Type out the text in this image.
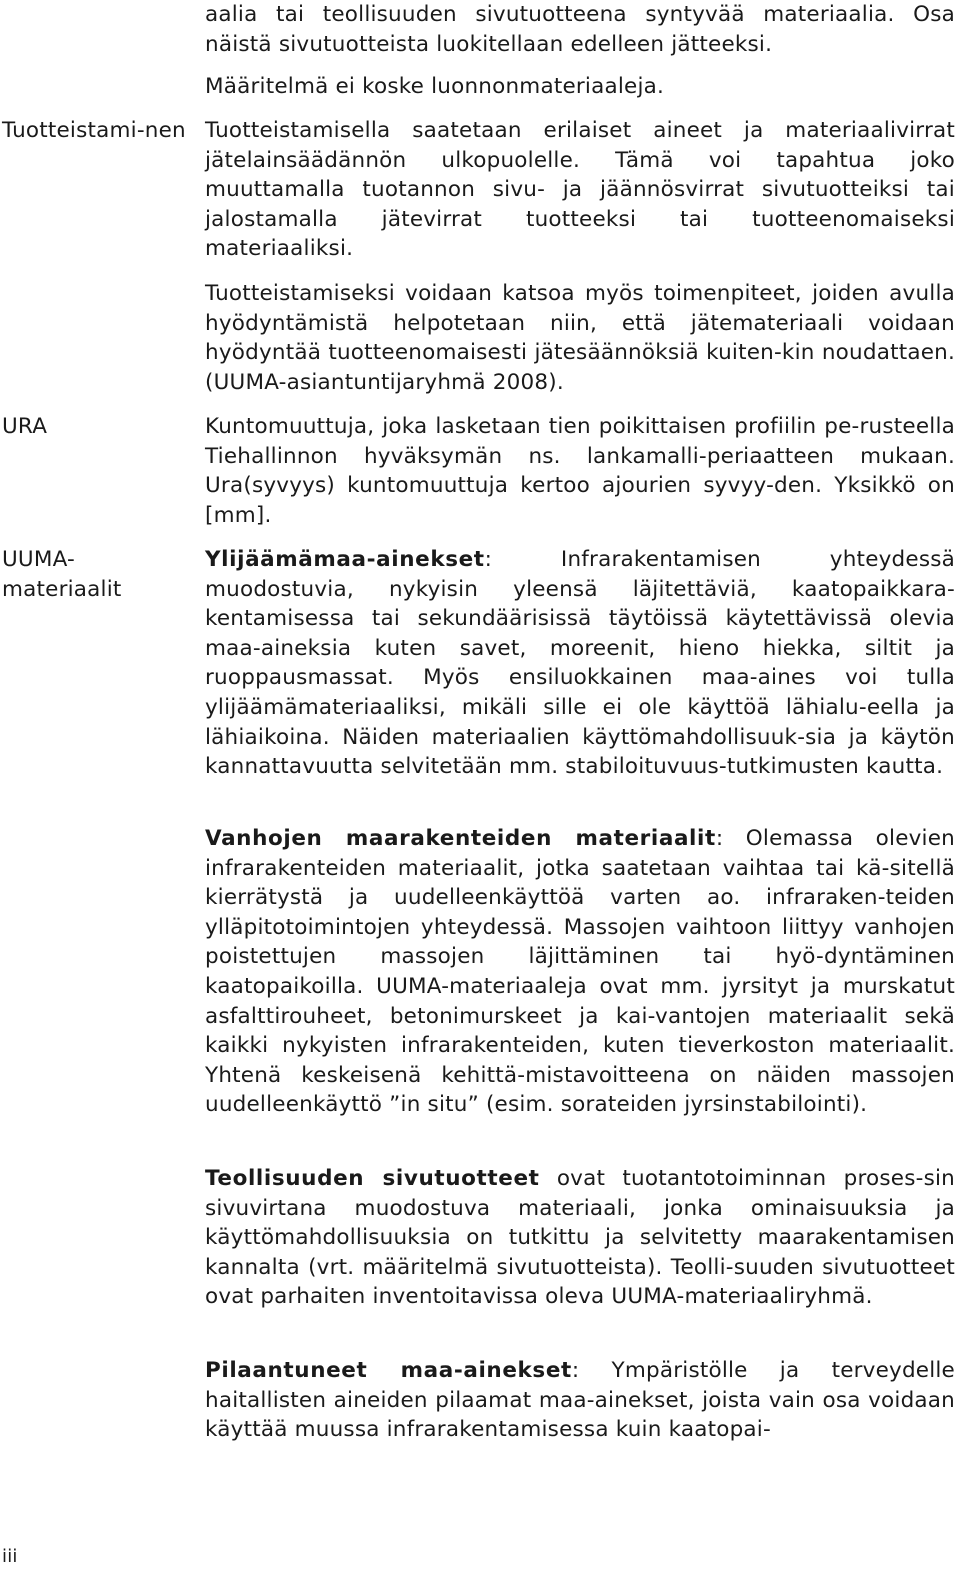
aalia tai teollisuuden sivutuotteena syntyvää materiaalia. Osa näistä sivutuotteista luokitellaan edelleen jätteeksi.

Määritelmä ei koske luonnonmateriaaleja.

Tuotteistami-nen Tuotteistamisella saatetaan erilaiset aineet ja materiaalivirrat jätelainsäädännön ulkopuolelle. Tämä voi tapahtua joko muuttamalla tuotannon sivu- ja jäännösvirrat sivutuotteiksi tai jalostamalla jätevirrat tuotteeksi tai tuotteenomaiseksi materiaaliksi.

Tuotteistamiseksi voidaan katsoa myös toimenpiteet, joiden avulla hyödyntämistä helpotetaan niin, että jätemateriaali voidaan hyödyntää tuotteenomaisesti jätesäännöksiä kuiten-kin noudattaen. (UUMA-asiantuntijaryhmä 2008).

URA	Kuntomuuttuja, joka lasketaan tien poikittaisen profiilin pe-rusteella Tiehallinnon hyväksymän ns. lankamalli-periaatteen mukaan. Ura(syvyys) kuntomuuttuja kertoo ajourien syvyy-den. Yksikkö on [mm].

UUMA-materiaalit

Ylijäämämaa-ainekset: Infrarakentamisen yhteydessä muodostuvia, nykyisin yleensä läjitettäviä, kaatopaikkara-kentamisessa tai sekundäärisissä täytöissä käytettävissä olevia maa-aineksia kuten savet, moreenit, hieno hiekka, siltit ja ruoppausmassat. Myös ensiluokkainen maa-aines voi tulla ylijäämämateriaaliksi, mikäli sille ei ole käyttöä lähialu-eella ja lähiaikoina. Näiden materiaalien käyttömahdollisuuk-sia ja käytön kannattavuutta selvitetään mm. stabiloituvuus-tutkimusten kautta.

Vanhojen maarakenteiden materiaalit: Olemassa olevien infrarakenteiden materiaalit, jotka saatetaan vaihtaa tai kä-sitellä kierrätystä ja uudelleenkäyttöä varten ao. infraraken-teiden ylläpitotoimintojen yhteydessä. Massojen vaihtoon liittyy vanhojen poistettujen massojen läjittäminen tai hyö-dyntäminen kaatopaikoilla. UUMA-materiaaleja ovat mm. jyrsityt ja murskatut asfalttirouheet, betonimurskeet ja kai-vantojen materiaalit sekä kaikki nykyisten infrarakenteiden, kuten tieverkoston materiaalit. Yhtenä keskeisenä kehittä-mistavoitteena on näiden massojen uudelleenkäyttö ”in situ” (esim. sorateiden jyrsinstabilointi).

Teollisuuden sivutuotteet ovat tuotantotoiminnan proses-sin sivuvirtana muodostuva materiaali, jonka ominaisuuksia ja käyttömahdollisuuksia on tutkittu ja selvitetty maarakentamisen kannalta (vrt. määritelmä sivutuotteista). Teolli-suuden sivutuotteet ovat parhaiten inventoitavissa oleva UUMA-materiaaliryhmä.

Pilaantuneet maa-ainekset: Ympäristölle ja terveydelle haitallisten aineiden pilaamat maa-ainekset, joista vain osa voidaan käyttää muussa infrarakentamisessa kuin kaatopai-

iii
